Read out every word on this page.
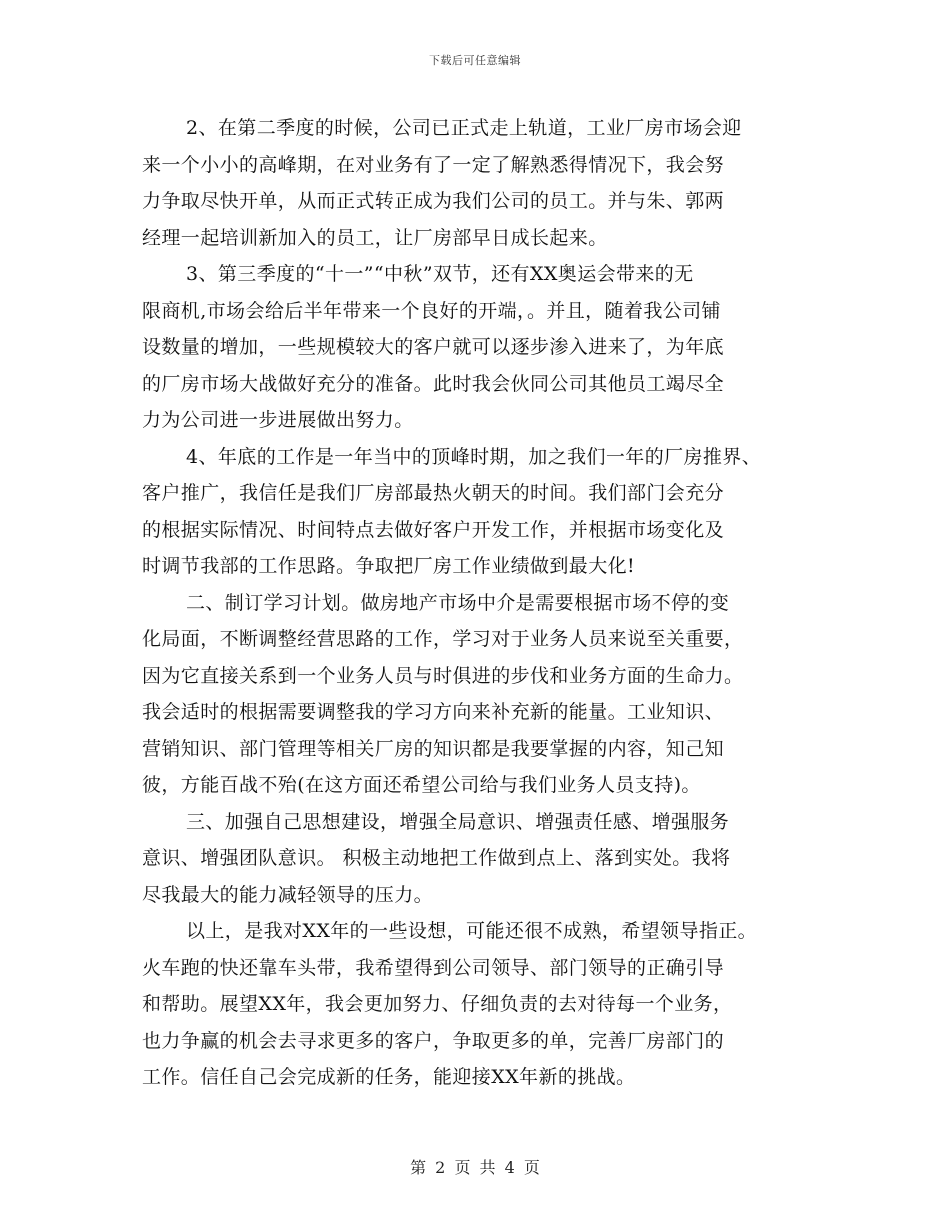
下载后可任意编辑
2、在第二季度的时候，公司已正式走上轨道，工业厂房市场会迎
来一个小小的高峰期，在对业务有了一定了解熟悉得情况下，我会努
力争取尽快开单，从而正式转正成为我们公司的员工。并与朱、郭两
经理一起培训新加入的员工，让厂房部早日成长起来。
3、第三季度的“十一”“中秋”双节，还有XX奥运会带来的无
限商机,市场会给后半年带来一个良好的开端，。并且，随着我公司铺
设数量的增加，一些规模较大的客户就可以逐步渗入进来了，为年底
的厂房市场大战做好充分的准备。此时我会伙同公司其他员工竭尽全
力为公司进一步进展做出努力。
4、年底的工作是一年当中的顶峰时期，加之我们一年的厂房推界、
客户推广，我信任是我们厂房部最热火朝天的时间。我们部门会充分
的根据实际情况、时间特点去做好客户开发工作，并根据市场变化及
时调节我部的工作思路。争取把厂房工作业绩做到最大化!
二、制订学习计划。做房地产市场中介是需要根据市场不停的变
化局面，不断调整经营思路的工作，学习对于业务人员来说至关重要，
因为它直接关系到一个业务人员与时俱进的步伐和业务方面的生命力。
我会适时的根据需要调整我的学习方向来补充新的能量。工业知识、
营销知识、部门管理等相关厂房的知识都是我要掌握的内容，知己知
彼，方能百战不殆(在这方面还希望公司给与我们业务人员支持)。
三、加强自己思想建设，增强全局意识、增强责任感、增强服务
意识、增强团队意识。 积极主动地把工作做到点上、落到实处。我将
尽我最大的能力减轻领导的压力。
以上，是我对XX年的一些设想，可能还很不成熟，希望领导指正。
火车跑的快还靠车头带，我希望得到公司领导、部门领导的正确引导
和帮助。展望XX年，我会更加努力、仔细负责的去对待每一个业务，
也力争赢的机会去寻求更多的客户，争取更多的单，完善厂房部门的
工作。信任自己会完成新的任务，能迎接XX年新的挑战。
第 2 页 共 4 页
